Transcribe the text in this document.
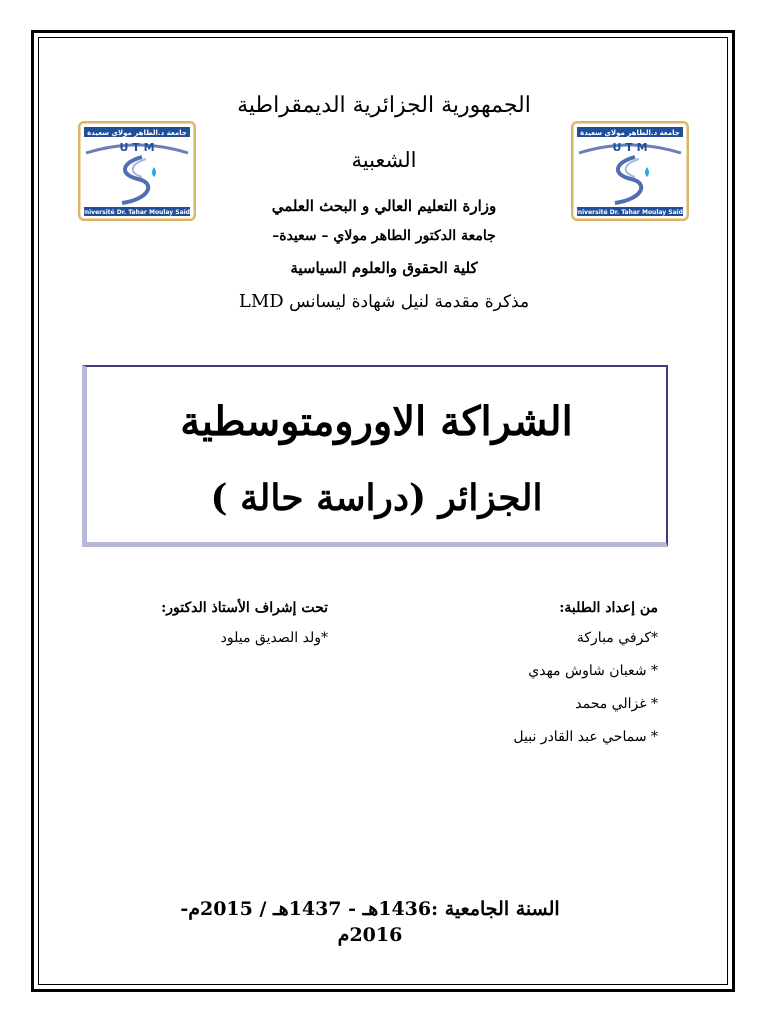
جامعة د.الطاهر مولاي سعيدة
U T M
Université Dr. Tahar Moulay Saïda
جامعة د.الطاهر مولاي سعيدة
U T M
Université Dr. Tahar Moulay Saïda
الجمهورية الجزائرية الديمقراطية
الشعبية
وزارة التعليم العالي و البحث العلمي
جامعة الدكتور الطاهر مولاي – سعيدة–
كلية الحقوق والعلوم السياسية
مذكرة مقدمة لنيل شهادة ليسانس LMD
الشراكة الاورومتوسطية
الجزائر (دراسة حالة )
من إعداد الطلبة:
*كرفي مباركة
* شعبان شاوش مهدي
* غزالي محمد
* سماحي عبد القادر نبيل
تحت إشراف الأستاذ الدكتور:
*ولد الصديق ميلود
السنة الجامعية :1436هـ - 1437هـ / 2015م- 2016م
